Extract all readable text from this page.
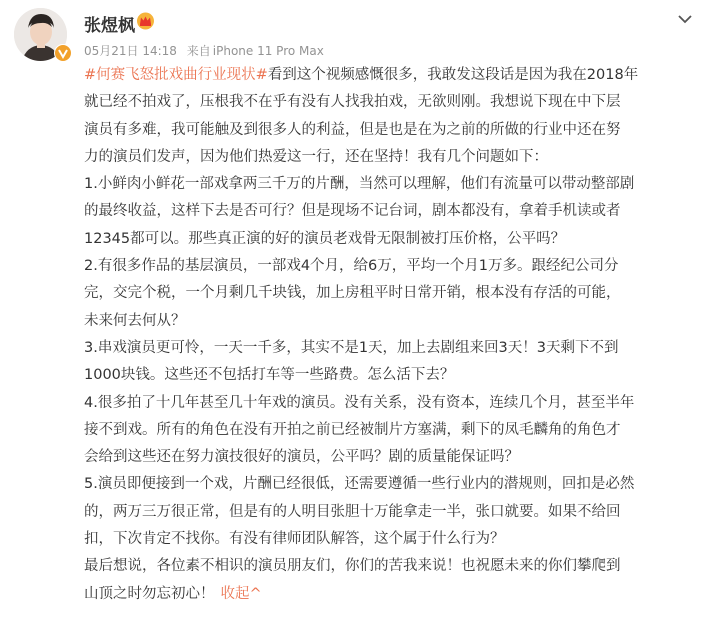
张煜枫
05月21日 14:18 来自 iPhone 11 Pro Max
#何赛飞怒批戏曲行业现状#看到这个视频感慨很多，我敢发这段话是因为我在2018年
就已经不拍戏了，压根我不在乎有没有人找我拍戏，无欲则刚。我想说下现在中下层
演员有多难，我可能触及到很多人的利益，但是也是在为之前的所做的行业中还在努
力的演员们发声，因为他们热爱这一行，还在坚持！我有几个问题如下：
1.小鲜肉小鲜花一部戏拿两三千万的片酬，当然可以理解，他们有流量可以带动整部剧
的最终收益，这样下去是否可行？但是现场不记台词，剧本都没有，拿着手机读或者
12345都可以。那些真正演的好的演员老戏骨无限制被打压价格，公平吗？
2.有很多作品的基层演员，一部戏4个月，给6万，平均一个月1万多。跟经纪公司分
完，交完个税，一个月剩几千块钱，加上房租平时日常开销，根本没有存活的可能，
未来何去何从？
3.串戏演员更可怜，一天一千多，其实不是1天，加上去剧组来回3天！3天剩下不到
1000块钱。这些还不包括打车等一些路费。怎么活下去？
4.很多拍了十几年甚至几十年戏的演员。没有关系，没有资本，连续几个月，甚至半年
接不到戏。所有的角色在没有开拍之前已经被制片方塞满，剩下的凤毛麟角的角色才
会给到这些还在努力演技很好的演员，公平吗？剧的质量能保证吗？
5.演员即便接到一个戏，片酬已经很低，还需要遵循一些行业内的潜规则，回扣是必然
的，两万三万很正常，但是有的人明目张胆十万能拿走一半，张口就要。如果不给回
扣，下次肯定不找你。有没有律师团队解答，这个属于什么行为？
最后想说，各位素不相识的演员朋友们，你们的苦我来说！也祝愿未来的你们攀爬到
山顶之时勿忘初心！ 收起^
